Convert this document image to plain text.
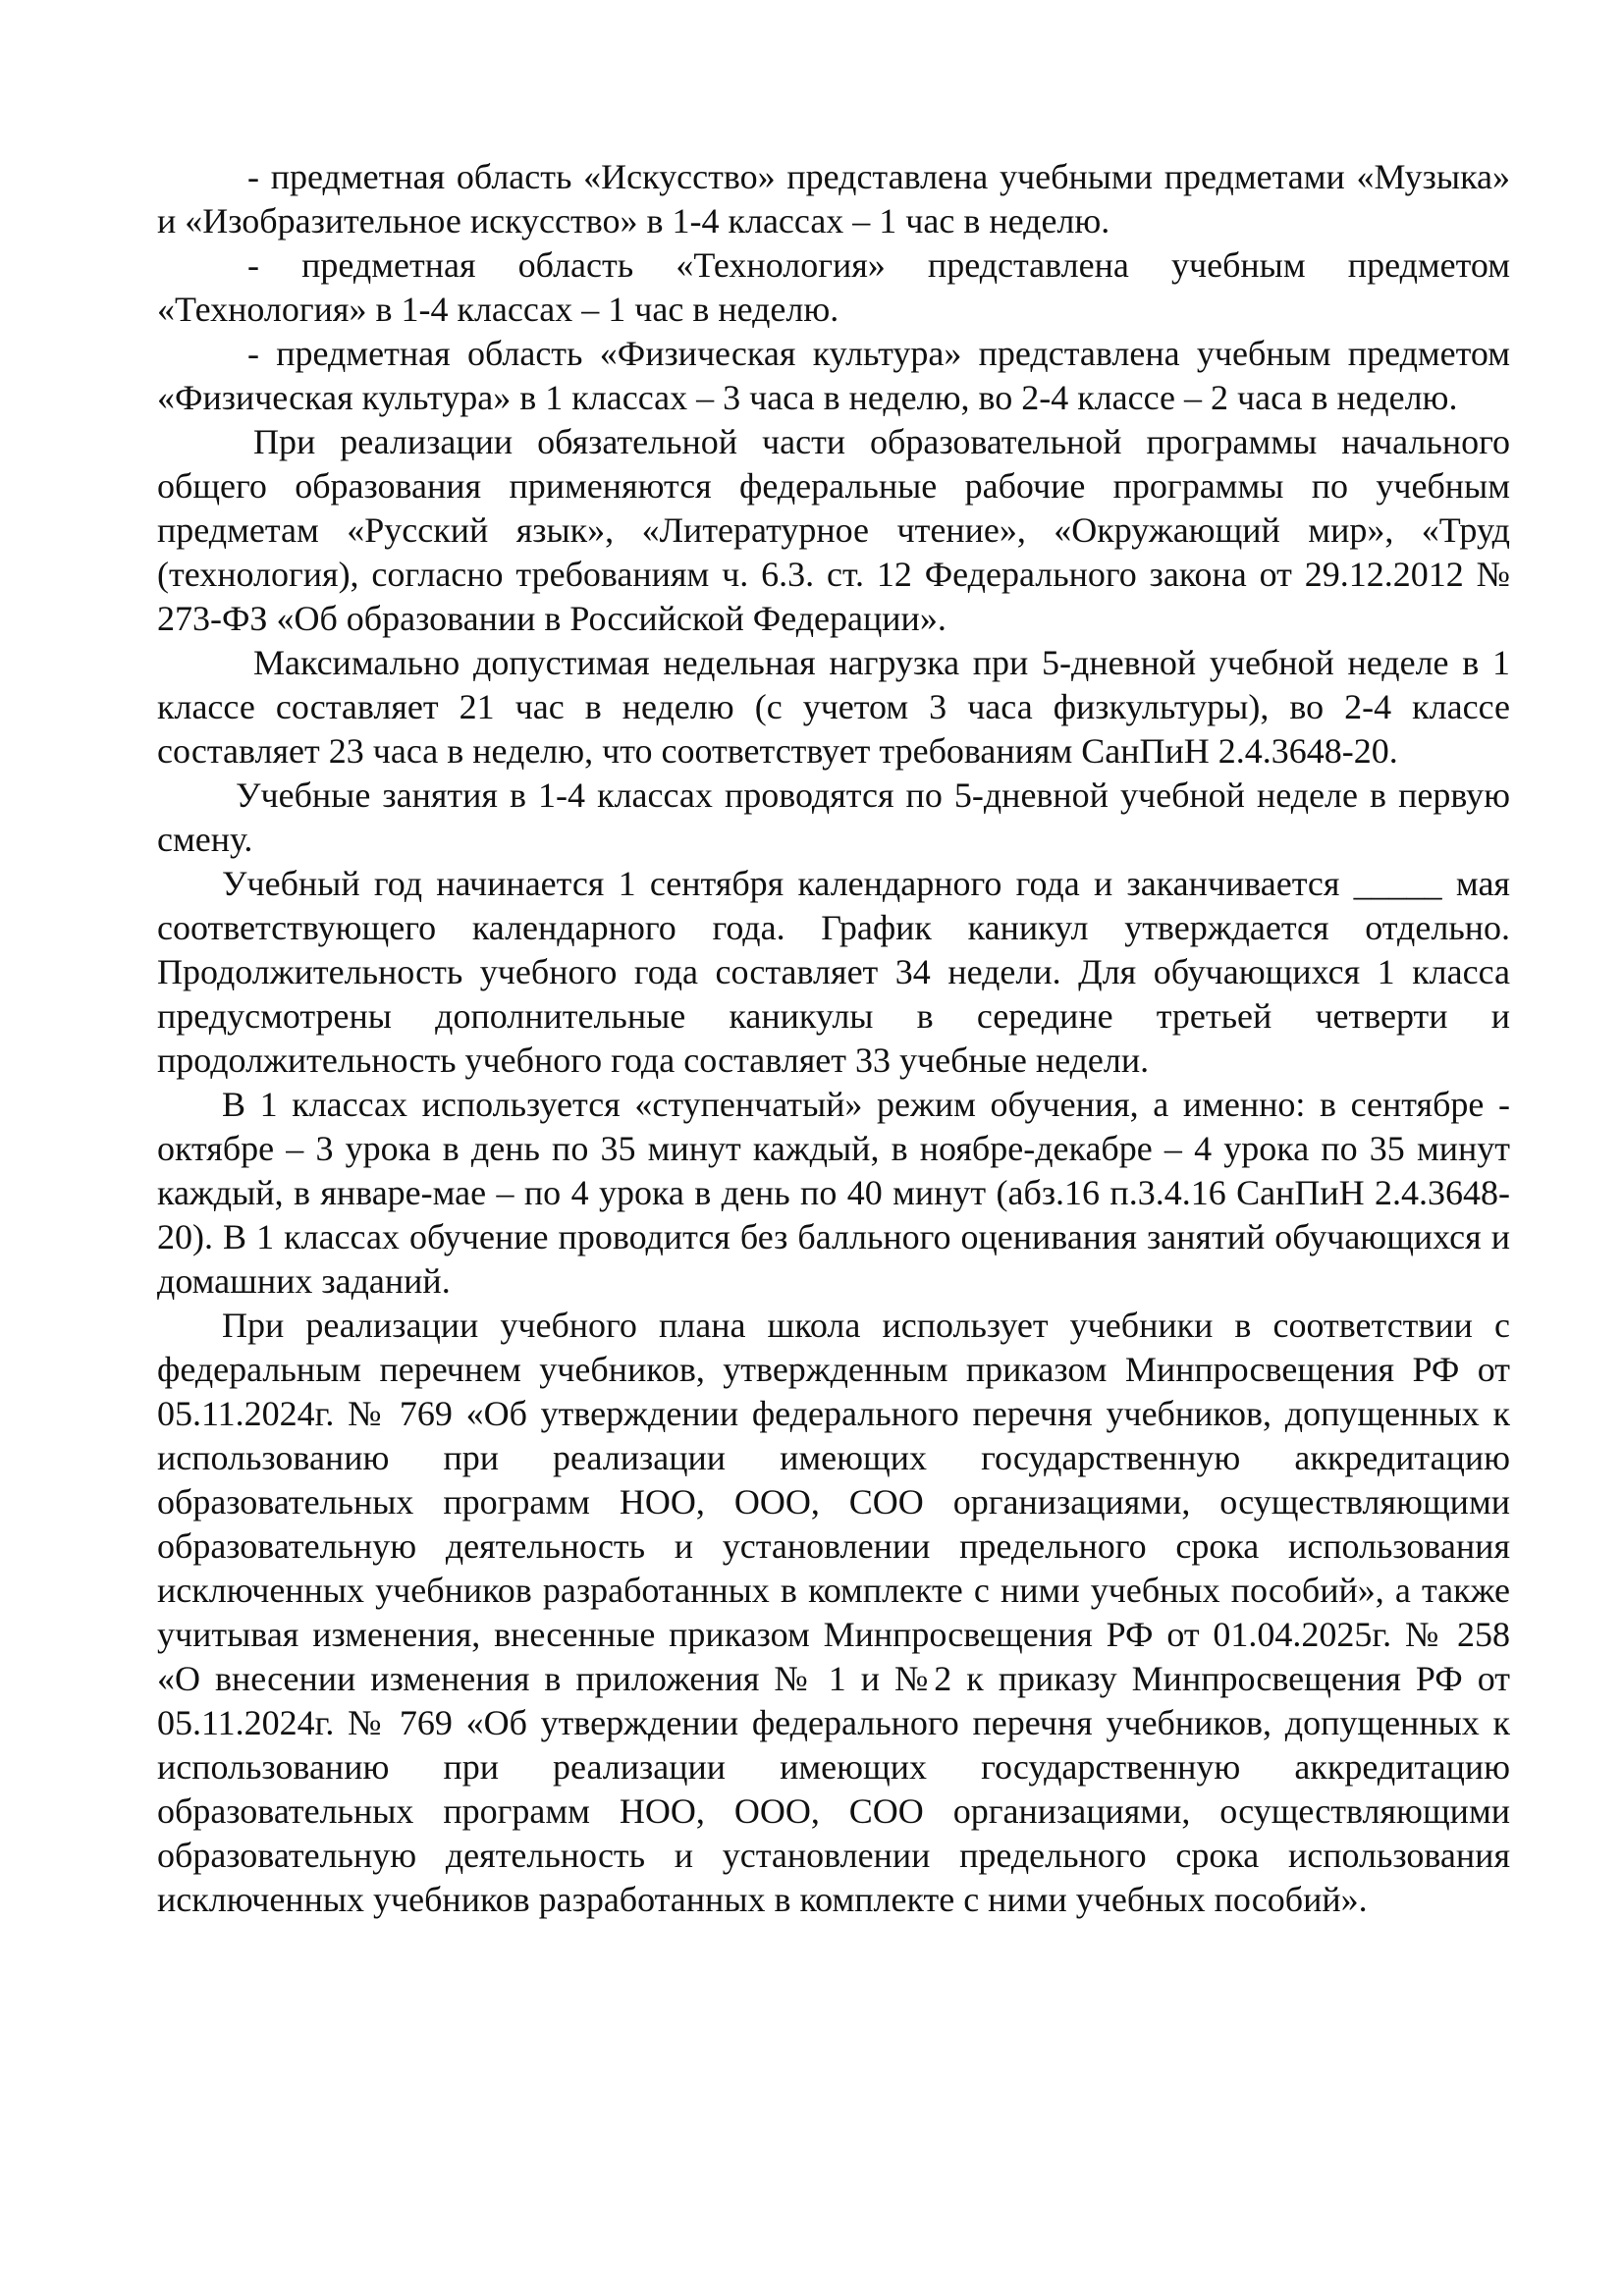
- предметная область «Искусство» представлена учебными предметами «Музыка» и «Изобразительное искусство» в 1-4 классах – 1 час в неделю.

- предметная область «Технология» представлена учебным предметом «Технология» в 1-4 классах – 1 час в неделю.

- предметная область «Физическая культура» представлена учебным предметом «Физическая культура» в 1 классах – 3 часа в неделю, во 2-4 классе – 2 часа в неделю.

При реализации обязательной части образовательной программы начального общего образования применяются федеральные рабочие программы по учебным предметам «Русский язык», «Литературное чтение», «Окружающий мир», «Труд (технология), согласно требованиям ч. 6.3. ст. 12 Федерального закона от 29.12.2012 № 273-ФЗ «Об образовании в Российской Федерации».

Максимально допустимая недельная нагрузка при 5-дневной учебной неделе в 1 классе составляет 21 час в неделю (с учетом 3 часа физкультуры), во 2-4 классе составляет 23 часа в неделю, что соответствует требованиям СанПиН 2.4.3648-20.

Учебные занятия в 1-4 классах проводятся по 5-дневной учебной неделе в первую смену.

Учебный год начинается 1 сентября календарного года и заканчивается _____ мая соответствующего календарного года. График каникул утверждается отдельно. Продолжительность учебного года составляет 34 недели. Для обучающихся 1 класса предусмотрены дополнительные каникулы в середине третьей четверти и продолжительность учебного года составляет 33 учебные недели.

В 1 классах используется «ступенчатый» режим обучения, а именно: в сентябре - октябре – 3 урока в день по 35 минут каждый, в ноябре-декабре – 4 урока по 35 минут каждый, в январе-мае – по 4 урока в день по 40 минут (абз.16 п.3.4.16 СанПиН 2.4.3648-20). В 1 классах обучение проводится без балльного оценивания занятий обучающихся и домашних заданий.

При реализации учебного плана школа использует учебники в соответствии с федеральным перечнем учебников, утвержденным приказом Минпросвещения РФ от 05.11.2024г. № 769 «Об утверждении федерального перечня учебников, допущенных к использованию при реализации имеющих государственную аккредитацию образовательных программ НОО, ООО, СОО организациями, осуществляющими образовательную деятельность и установлении предельного срока использования исключенных учебников разработанных в комплекте с ними учебных пособий», а также учитывая изменения, внесенные приказом Минпросвещения РФ от 01.04.2025г. № 258 «О внесении изменения в приложения № 1 и №2 к приказу Минпросвещения РФ от 05.11.2024г. № 769 «Об утверждении федерального перечня учебников, допущенных к использованию при реализации имеющих государственную аккредитацию образовательных программ НОО, ООО, СОО организациями, осуществляющими образовательную деятельность и установлении предельного срока использования исключенных учебников разработанных в комплекте с ними учебных пособий».
